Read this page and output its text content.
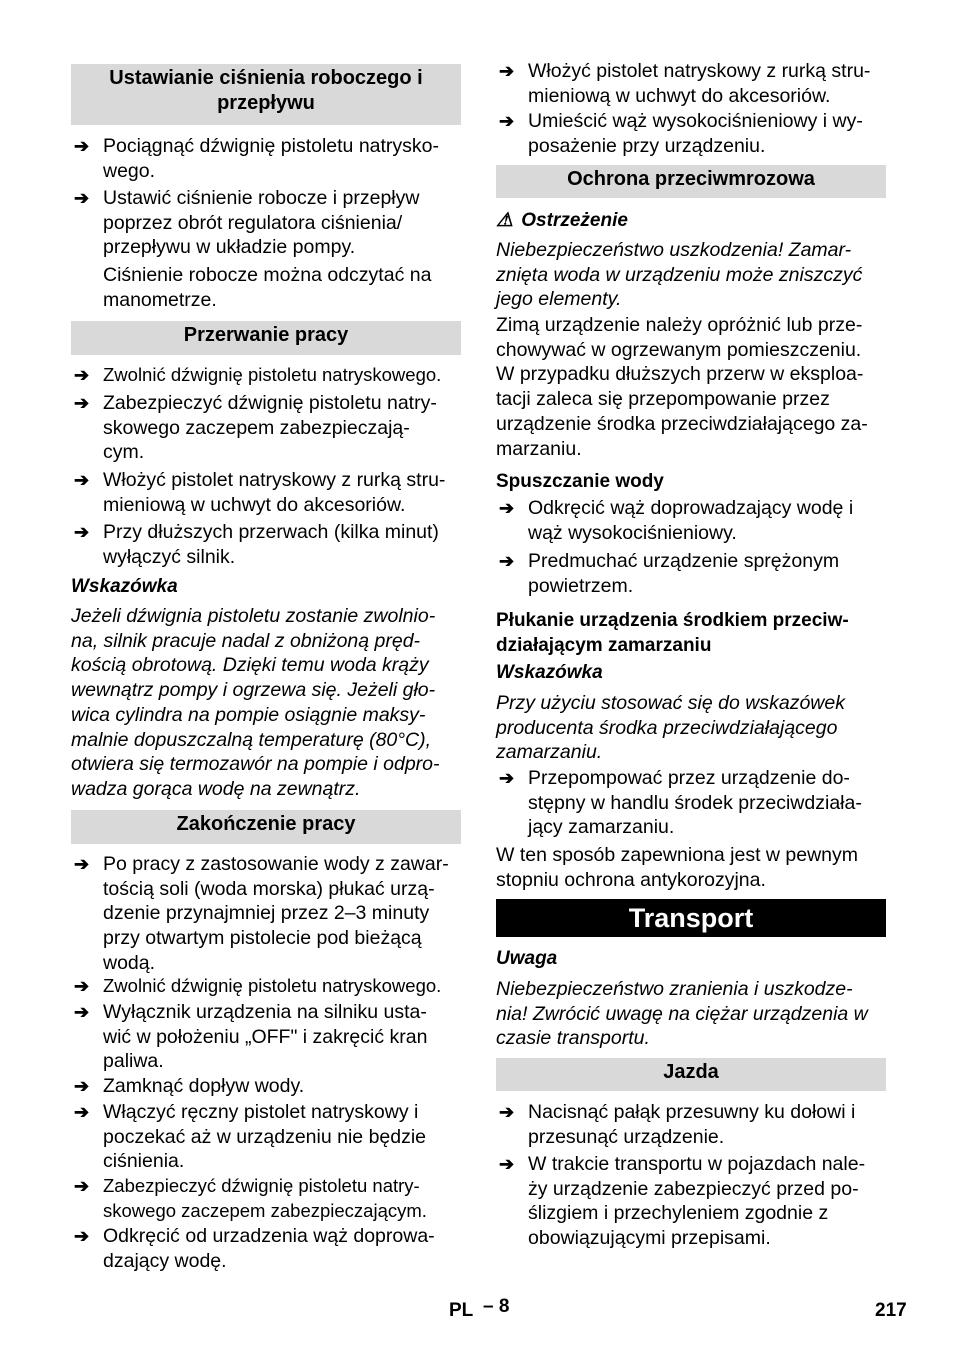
Ustawianie ciśnienia roboczego i
przepływu
➔ Pociągnąć dźwignię pistoletu natrysko-
wego.
➔ Ustawić ciśnienie robocze i przepływ
poprzez obrót regulatora ciśnienia/
przepływu w układzie pompy.
Ciśnienie robocze można odczytać na
manometrze.
Przerwanie pracy
➔ Zwolnić dźwignię pistoletu natryskowego.
➔ Zabezpieczyć dźwignię pistoletu natry-
skowego zaczepem zabezpieczają-
cym.
➔ Włożyć pistolet natryskowy z rurką stru-
mieniową w uchwyt do akcesoriów.
➔ Przy dłuższych przerwach (kilka minut)
wyłączyć silnik.
Wskazówka
Jeżeli dźwignia pistoletu zostanie zwolnio-
na, silnik pracuje nadal z obniżoną pręd-
kością obrotową. Dzięki temu woda krąży
wewnątrz pompy i ogrzewa się. Jeżeli gło-
wica cylindra na pompie osiągnie maksy-
malnie dopuszczalną temperaturę (80°C),
otwiera się termozawór na pompie i odpro-
wadza gorąca wodę na zewnątrz.
Zakończenie pracy
➔ Po pracy z zastosowanie wody z zawar-
tością soli (woda morska) płukać urzą-
dzenie przynajmniej przez 2–3 minuty
przy otwartym pistolecie pod bieżącą
wodą.
➔ Zwolnić dźwignię pistoletu natryskowego.
➔ Wyłącznik urządzenia na silniku usta-
wić w położeniu „OFF" i zakręcić kran
paliwa.
➔ Zamknąć dopływ wody.
➔ Włączyć ręczny pistolet natryskowy i
poczekać aż w urządzeniu nie będzie
ciśnienia.
➔ Zabezpieczyć dźwignię pistoletu natry-
skowego zaczepem zabezpieczającym.
➔ Odkręcić od urzadzenia wąż doprowa-
dzający wodę.
➔ Włożyć pistolet natryskowy z rurką stru-
mieniową w uchwyt do akcesoriów.
➔ Umieścić wąż wysokociśnieniowy i wy-
posażenie przy urządzeniu.
Ochrona przeciwmrozowa
⚠ Ostrzeżenie
Niebezpieczeństwo uszkodzenia! Zamar-
znięta woda w urządzeniu może zniszczyć
jego elementy.
Zimą urządzenie należy opróżnić lub prze-
chowywać w ogrzewanym pomieszczeniu.
W przypadku dłuższych przerw w eksploa-
tacji zaleca się przepompowanie przez
urządzenie środka przeciwdziałającego za-
marzaniu.
Spuszczanie wody
➔ Odkręcić wąż doprowadzający wodę i
wąż wysokociśnieniowy.
➔ Predmuchać urządzenie sprężonym
powietrzem.
Płukanie urządzenia środkiem przeciw-
działającym zamarzaniu
Wskazówka
Przy użyciu stosować się do wskazówek
producenta środka przeciwdziałającego
zamarzaniu.
➔ Przepompować przez urządzenie do-
stępny w handlu środek przeciwdziała-
jący zamarzaniu.
W ten sposób zapewniona jest w pewnym
stopniu ochrona antykorozyjna.
Transport
Uwaga
Niebezpieczeństwo zranienia i uszkodze-
nia! Zwrócić uwagę na ciężar urządzenia w
czasie transportu.
Jazda
➔ Nacisnąć pałąk przesuwny ku dołowi i
przesunąć urządzenie.
➔ W trakcie transportu w pojazdach nale-
ży urządzenie zabezpieczyć przed po-
ślizgiem i przechyleniem zgodnie z
obowiązującymi przepisami.
PL – 8	217
